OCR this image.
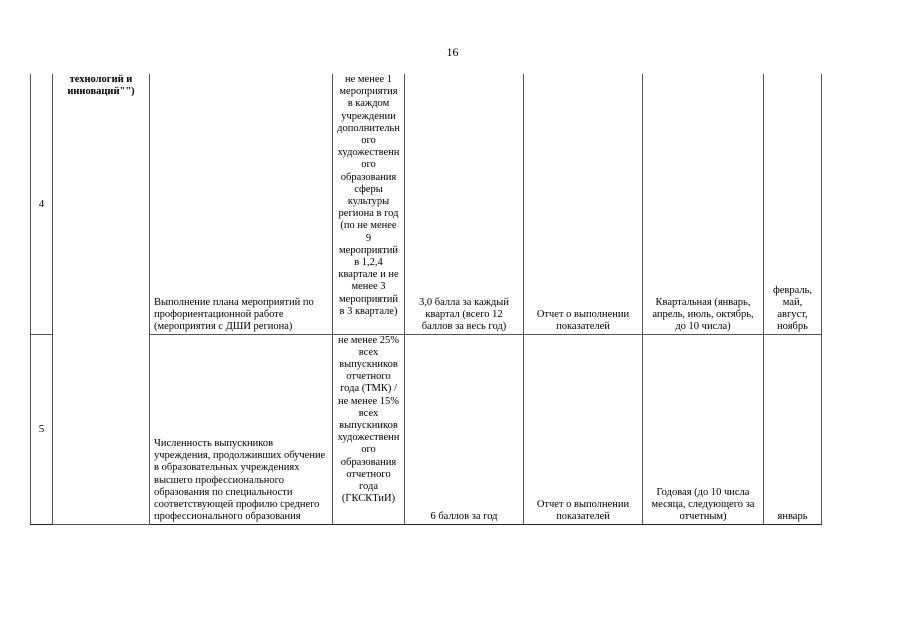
16
4	технологий и инноваций"")	Выполнение плана мероприятий по профориентационной работе (мероприятия с ДШИ региона)	не менее 1 мероприятия в каждом учреждении дополнительн ого художественн ого образования сферы культуры региона в год (по не менее 9 мероприятий в 1,2,4 квартале и не менее 3 мероприятий в 3 квартале)	3,0 балла за каждый квартал (всего 12 баллов за весь год)	Отчет о выполнении показателей	Квартальная (январь, апрель, июль, октябрь, до 10 числа)	февраль, май, август, ноябрь
5		Численность выпускников учреждения, продолживших обучение в образовательных учреждениях высшего профессионального образования по специальности соответствующей профилю среднего профессионального образования	не менее 25% всех выпускников отчетного года (ТМК) /не менее 15% всех выпускников художественн ого образования отчетного года (ГКСКТиИ)	6 баллов за год	Отчет о выполнении показателей	Годовая (до 10 числа месяца, следующего за отчетным)	январь
